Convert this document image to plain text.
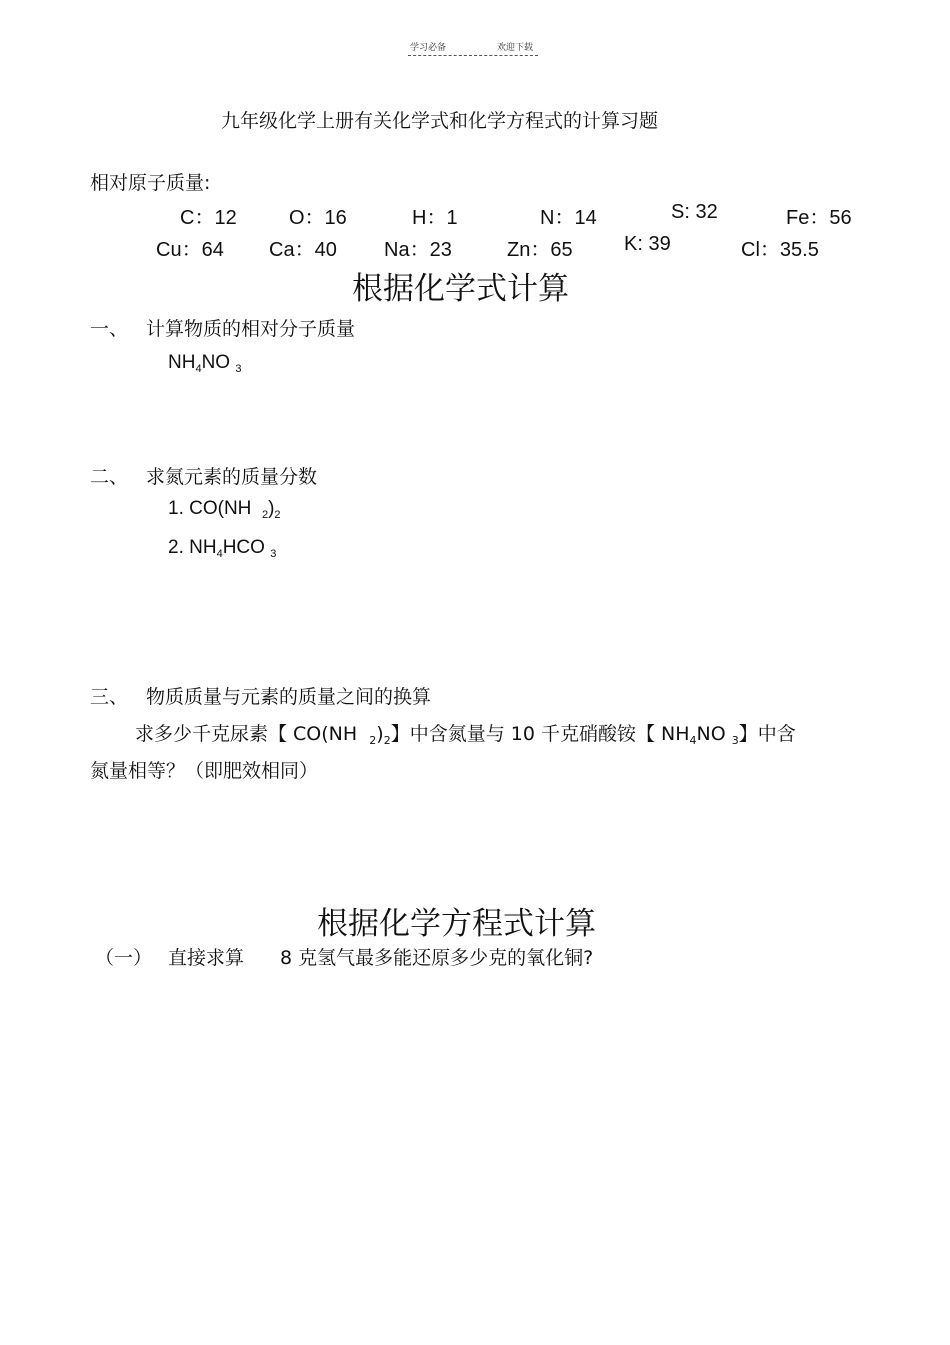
学习必备	欢迎下载
九年级化学上册有关化学式和化学方程式的计算习题
相对原子质量:
C：12	O：16	H：1	N：14	S: 32	Fe：56
Cu：64 Ca：40 Na：23	Zn：65	K: 39	Cl：35.5
根据化学式计算
一、 计算物质的相对分子质量
$NH_4NO$ $_3$
二、 求氮元素的质量分数
1. CO(NH $_2)_2$
2. $NH_4HCO$ $_3$
三、 物质质量与元素的质量之间的换算
求多少千克尿素【 CO(NH $_2)_2$】中含氮量与 10 千克硝酸铵【 $NH_4NO$ $_3$】中含
氮量相等？（即肥效相同）
根据化学方程式计算
（一） 直接求算 8 克氢气最多能还原多少克的氧化铜?
